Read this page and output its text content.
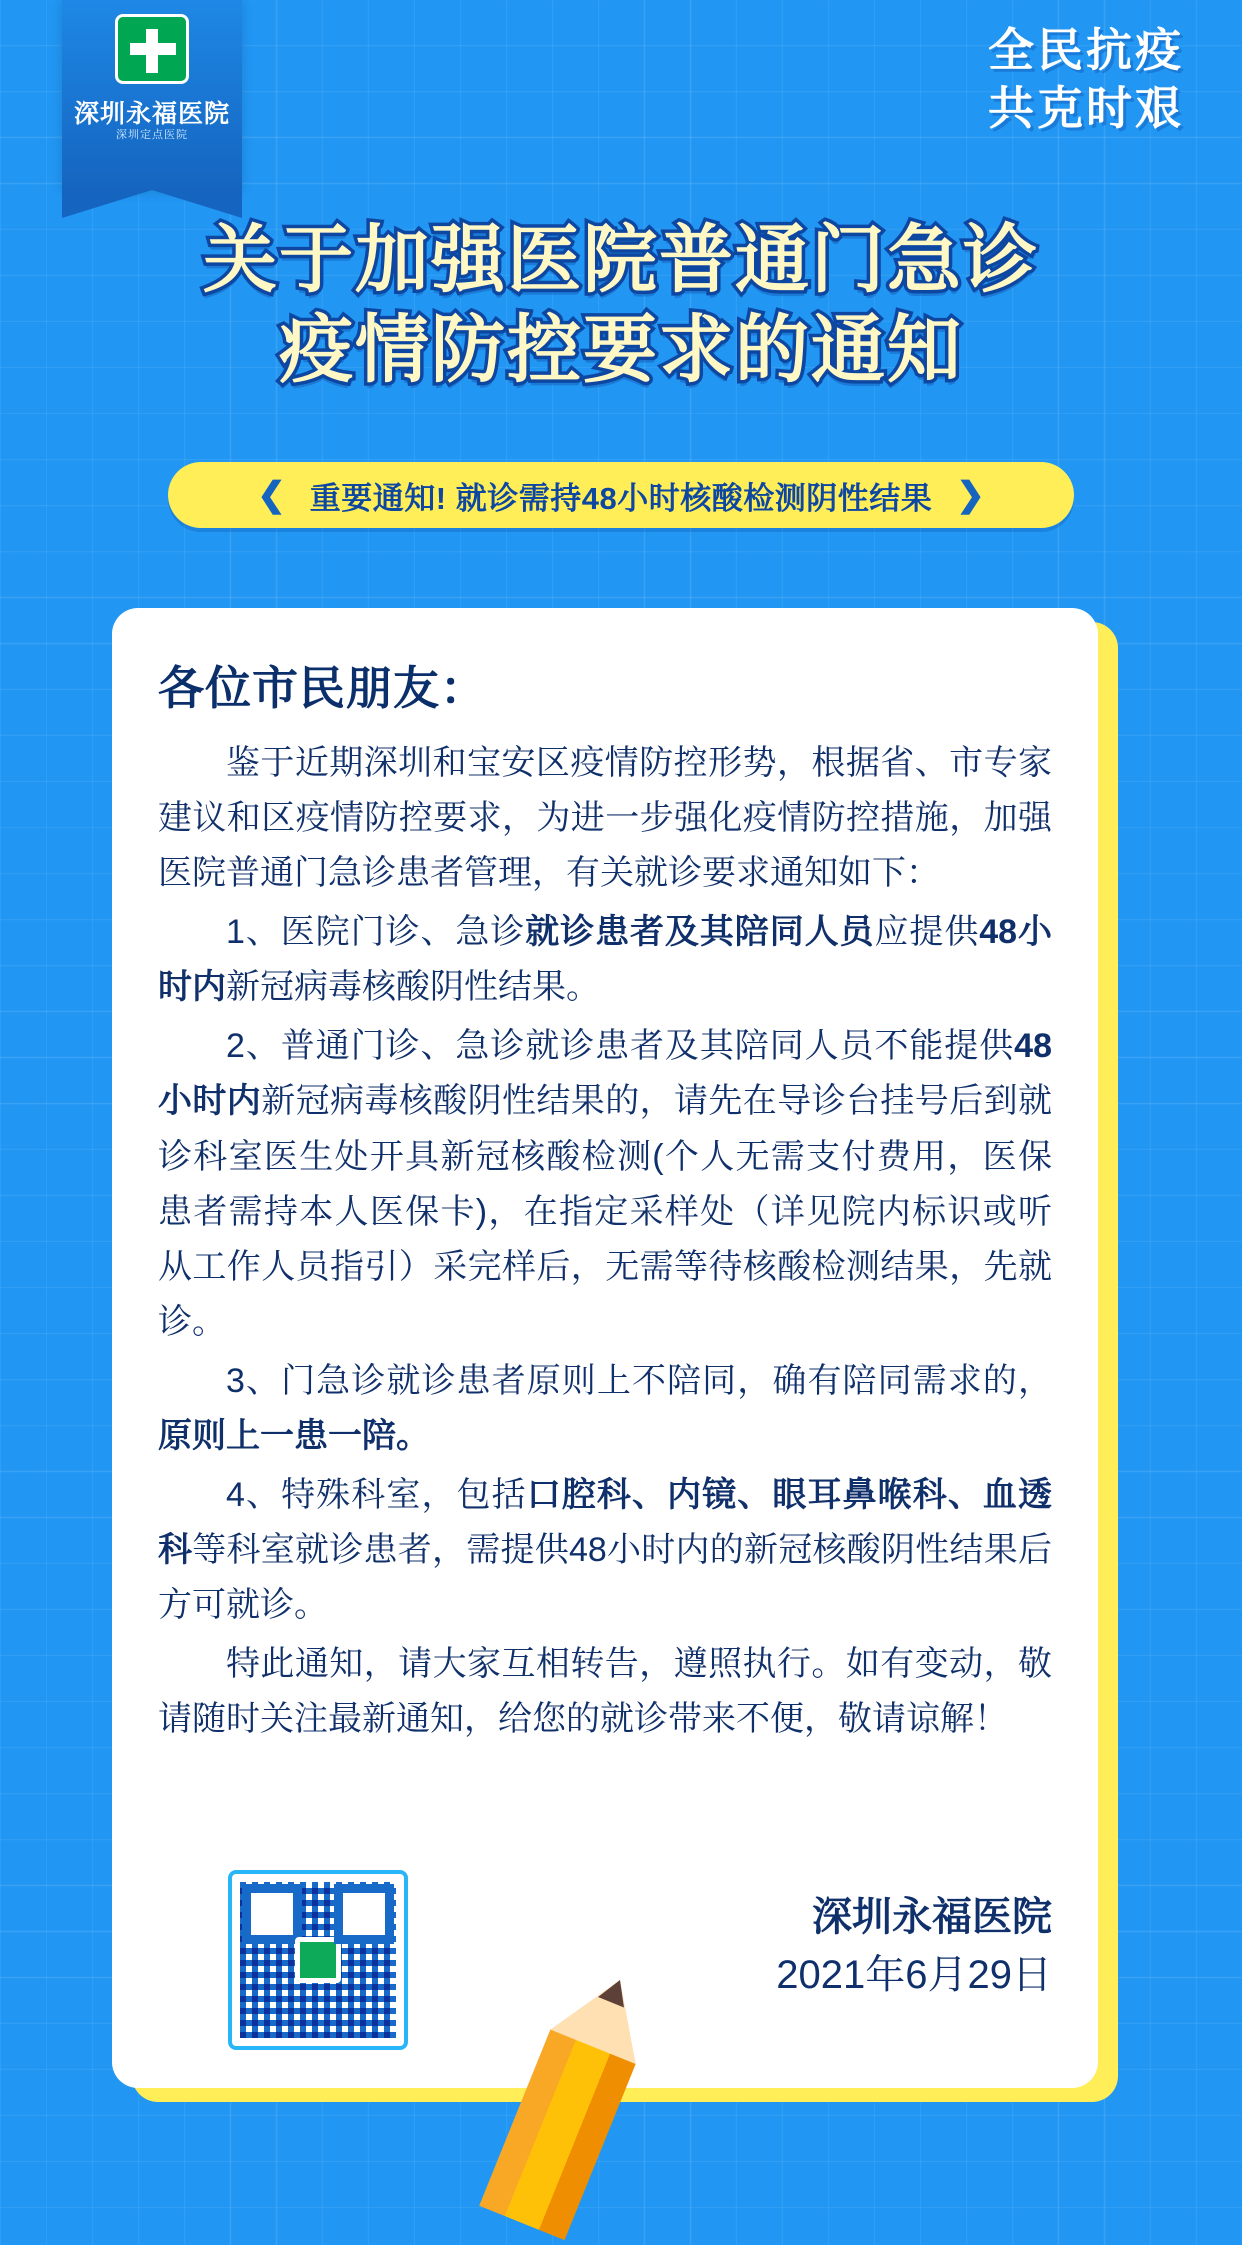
深圳永福医院
深圳定点医院
全民抗疫
共克时艰
关于加强医院普通门急诊
疫情防控要求的通知
❮ 重要通知! 就诊需持48小时核酸检测阴性结果 ❯
各位市民朋友：
鉴于近期深圳和宝安区疫情防控形势，根据省、市专家建议和区疫情防控要求，为进一步强化疫情防控措施，加强医院普通门急诊患者管理，有关就诊要求通知如下：
1、医院门诊、急诊就诊患者及其陪同人员应提供48小时内新冠病毒核酸阴性结果。
2、普通门诊、急诊就诊患者及其陪同人员不能提供48小时内新冠病毒核酸阴性结果的，请先在导诊台挂号后到就诊科室医生处开具新冠核酸检测(个人无需支付费用，医保患者需持本人医保卡)，在指定采样处（详见院内标识或听从工作人员指引）采完样后，无需等待核酸检测结果，先就诊。
3、门急诊就诊患者原则上不陪同，确有陪同需求的，原则上一患一陪。
4、特殊科室，包括口腔科、内镜、眼耳鼻喉科、血透科等科室就诊患者，需提供48小时内的新冠核酸阴性结果后方可就诊。
特此通知，请大家互相转告，遵照执行。如有变动，敬请随时关注最新通知，给您的就诊带来不便，敬请谅解！
深圳永福医院
2021年6月29日
